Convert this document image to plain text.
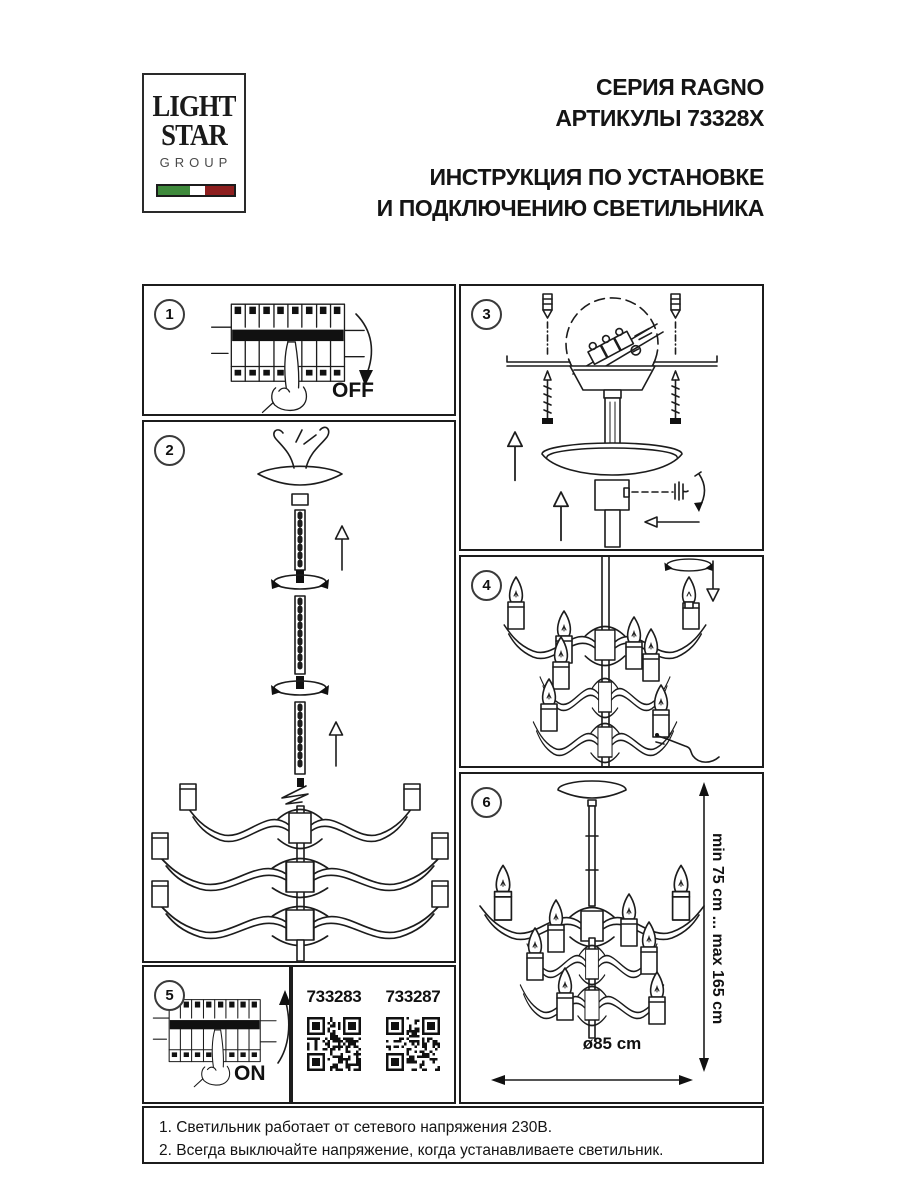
LIGHT
STAR
GROUP
СЕРИЯ RAGNO
АРТИКУЛЫ 73328X
ИНСТРУКЦИЯ ПО УСТАНОВКЕ
И ПОДКЛЮЧЕНИЮ СВЕТИЛЬНИКА
1
OFF
2
5
ON
733283 733287
3
4
6
min 75 cm ... max 165 cm
ø85 cm
1. Светильник работает от сетевого напряжения 230В.
2. Всегда выключайте напряжение, когда устанавливаете светильник.
